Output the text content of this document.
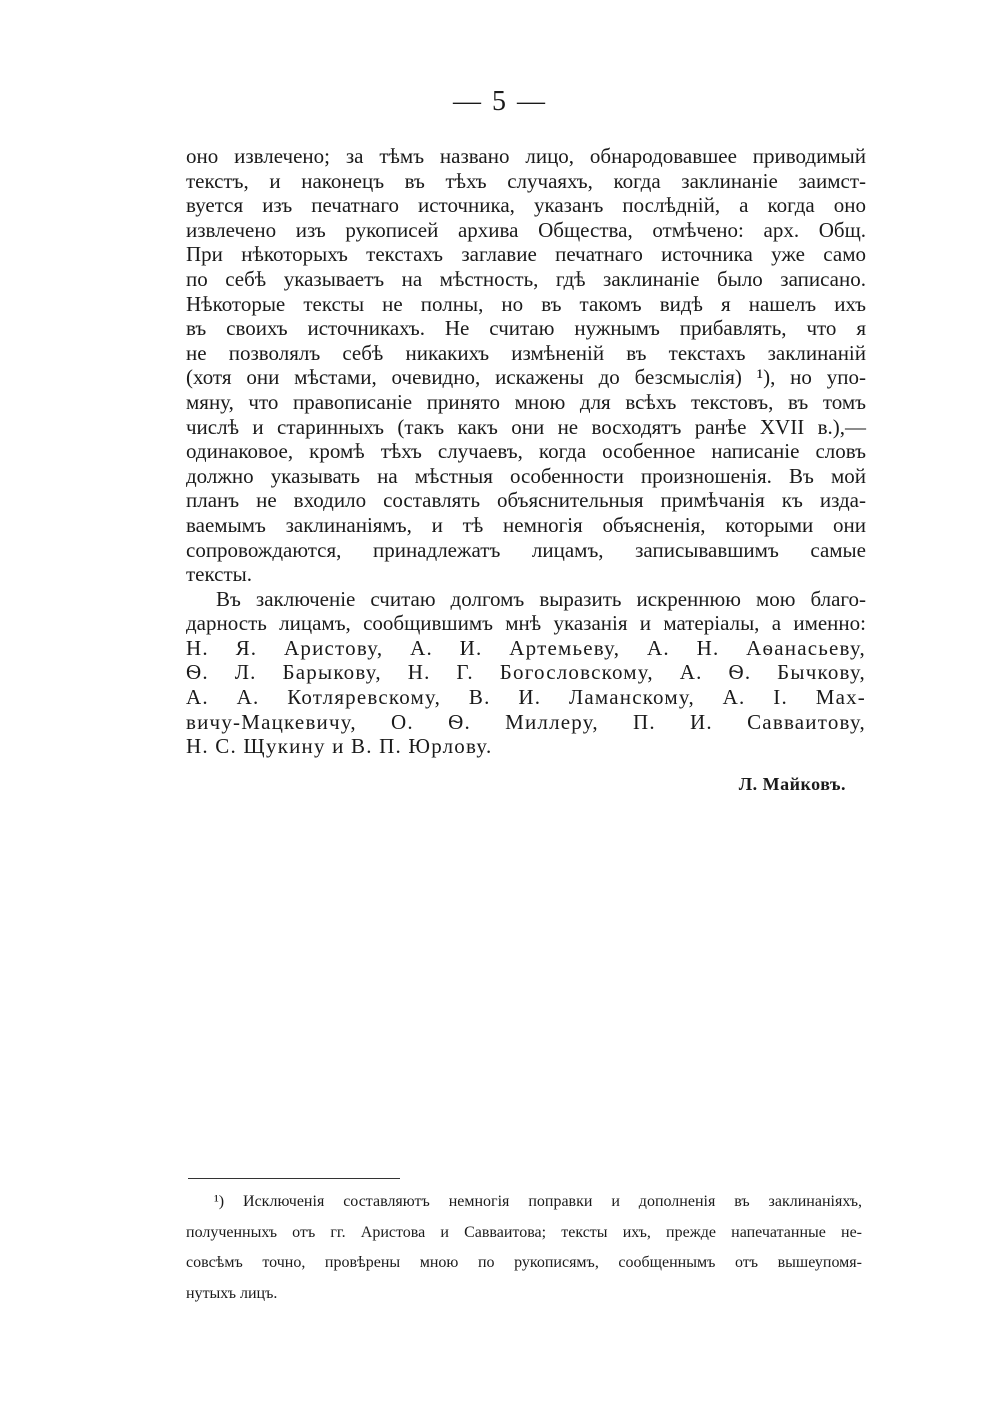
— 5 —
оно извлечено; за тѣмъ названо лицо, обнародовавшее приводимый
текстъ, и наконецъ въ тѣхъ случаяхъ, когда заклинаніе заимст-
вуется изъ печатнаго источника, указанъ послѣдній, а когда оно
извлечено изъ рукописей архива Общества, отмѣчено: арх. Общ.
При нѣкоторыхъ текстахъ заглавие печатнаго источника уже само
по себѣ указываетъ на мѣстность, гдѣ заклинаніе было записано.
Нѣкоторые тексты не полны, но въ такомъ видѣ я нашелъ ихъ
въ своихъ источникахъ. Не считаю нужнымъ прибавлять, что я
не позволялъ себѣ никакихъ измѣненій въ текстахъ заклинаній
(хотя они мѣстами, очевидно, искажены до безсмыслія) ¹), но упо-
мяну, что правописаніе принято мною для всѣхъ текстовъ, въ томъ
числѣ и старинныхъ (такъ какъ они не восходятъ ранѣе XVII в.),—
одинаковое, кромѣ тѣхъ случаевъ, когда особенное написаніе словъ
должно указывать на мѣстныя особенности произношенія. Въ мой
планъ не входило составлять объяснительныя примѣчанія къ изда-
ваемымъ заклинаніямъ, и тѣ немногія объясненія, которыми они
сопровождаются, принадлежатъ лицамъ, записывавшимъ самые
тексты.
Въ заключеніе считаю долгомъ выразить искреннюю мою благо-
дарность лицамъ, сообщившимъ мнѣ указанія и матеріалы, а именно:
Н. Я. Аристову, А. И. Артемьеву, А. Н. Аѳанасьеву,
Ѳ. Л. Барыкову, Н. Г. Богословскому, А. Ѳ. Бычкову,
А. А. Котляревскому, В. И. Ламанскому, А. І. Мах-
вичу-Мацкевичу, О. Ѳ. Миллеру, П. И. Савваитову,
Н. С. Щукину и В. П. Юрлову.
Л. Майковъ.
¹) Исключенія составляютъ немногія поправки и дополненія въ заклинаніяхъ,
полученныхъ отъ гг. Аристова и Савваитова; тексты ихъ, прежде напечатанные не-
совсѣмъ точно, провѣрены мною по рукописямъ, сообщеннымъ отъ вышеупомя-
нутыхъ лицъ.
